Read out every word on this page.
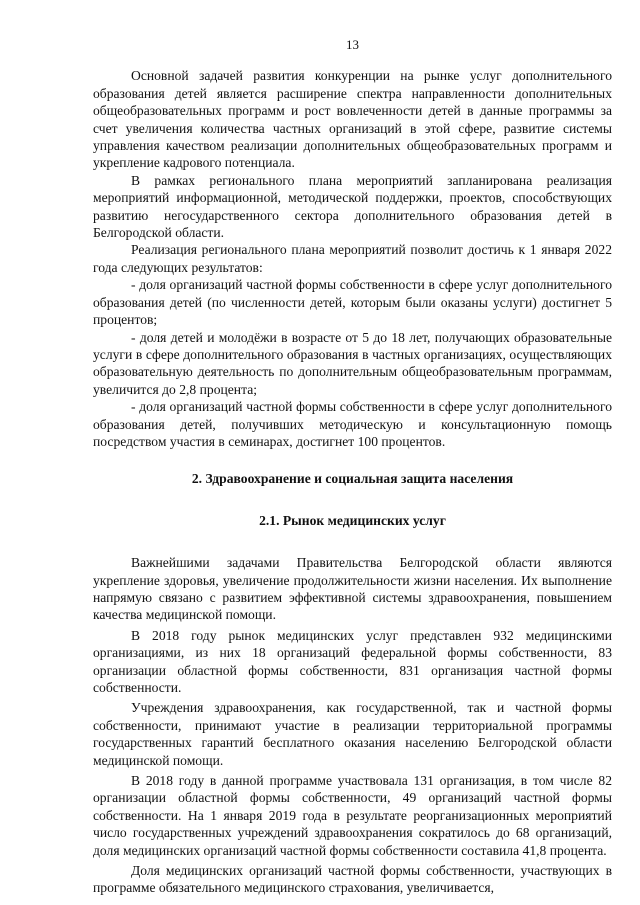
13

Основной задачей развития конкуренции на рынке услуг дополнительного образования детей является расширение спектра направленности дополнительных общеобразовательных программ и рост вовлеченности детей в данные программы за счет увеличения количества частных организаций в этой сфере, развитие системы управления качеством реализации дополнительных общеобразовательных программ и укрепление кадрового потенциала.

В рамках регионального плана мероприятий запланирована реализация мероприятий информационной, методической поддержки, проектов, способствующих развитию негосударственного сектора дополнительного образования детей в Белгородской области.

Реализация регионального плана мероприятий позволит достичь к 1 января 2022 года следующих результатов:

- доля организаций частной формы собственности в сфере услуг дополнительного образования детей (по численности детей, которым были оказаны услуги) достигнет 5 процентов;

- доля детей и молодёжи в возрасте от 5 до 18 лет, получающих образовательные услуги в сфере дополнительного образования в частных организациях, осуществляющих образовательную деятельность по дополнительным общеобразовательным программам, увеличится до 2,8 процента;

- доля организаций частной формы собственности в сфере услуг дополнительного образования детей, получивших методическую и консультационную помощь посредством участия в семинарах, достигнет 100 процентов.

2. Здравоохранение и социальная защита населения

2.1. Рынок медицинских услуг

Важнейшими задачами Правительства Белгородской области являются укрепление здоровья, увеличение продолжительности жизни населения. Их выполнение напрямую связано с развитием эффективной системы здравоохранения, повышением качества медицинской помощи.

В 2018 году рынок медицинских услуг представлен 932 медицинскими организациями, из них 18 организаций федеральной формы собственности, 83 организации областной формы собственности, 831 организация частной формы собственности.

Учреждения здравоохранения, как государственной, так и частной формы собственности, принимают участие в реализации территориальной программы государственных гарантий бесплатного оказания населению Белгородской области медицинской помощи.

В 2018 году в данной программе участвовала 131 организация, в том числе 82 организации областной формы собственности, 49 организаций частной формы собственности. На 1 января 2019 года в результате реорганизационных мероприятий число государственных учреждений здравоохранения сократилось до 68 организаций, доля медицинских организаций частной формы собственности составила 41,8 процента.

Доля медицинских организаций частной формы собственности, участвующих в программе обязательного медицинского страхования, увеличивается,
